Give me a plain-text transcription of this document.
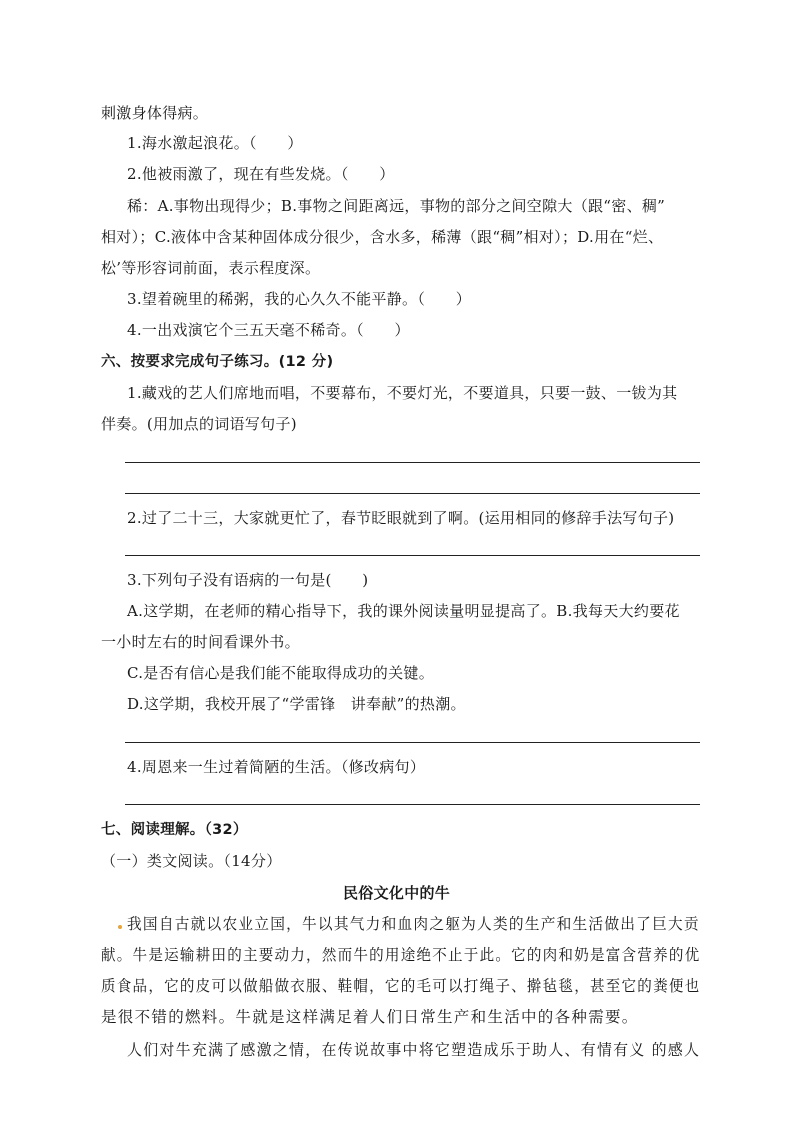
刺激身体得病。
1.海水激起浪花。（　　）
2.他被雨激了，现在有些发烧。（　　）
稀：A.事物出现得少；B.事物之间距离远，事物的部分之间空隙大（跟“密、稠”
相对）；C.液体中含某种固体成分很少，含水多，稀薄（跟“稠”相对）；D.用在“烂、
松’等形容词前面，表示程度深。
3.望着碗里的稀粥，我的心久久不能平静。（　　）
4.一出戏演它个三五天毫不稀奇。（　　）
六、按要求完成句子练习。(12 分)
1.藏戏的艺人们席地而唱，不要幕布，不要灯光，不要道具，只要一鼓、一钹为其
伴奏。(用加点的词语写句子)
2.过了二十三，大家就更忙了，春节眨眼就到了啊。(运用相同的修辞手法写句子)
3.下列句子没有语病的一句是(　　)
A.这学期，在老师的精心指导下，我的课外阅读量明显提高了。B.我每天大约要花
一小时左右的时间看课外书。
C.是否有信心是我们能不能取得成功的关键。
D.这学期，我校开展了“学雷锋　讲奉献”的热潮。
4.周恩来一生过着简陋的生活。（修改病句）
七、阅读理解。（32）
（一）类文阅读。（14分）
民俗文化中的牛
我国自古就以农业立国，牛以其气力和血肉之躯为人类的生产和生活做出了巨大贡
献。牛是运输耕田的主要动力，然而牛的用途绝不止于此。它的肉和奶是富含营养的优
质食品，它的皮可以做船做衣服、鞋帽，它的毛可以打绳子、擀毡毯，甚至它的粪便也
是很不错的燃料。牛就是这样满足着人们日常生产和生活中的各种需要。
人们对牛充满了感激之情，在传说故事中将它塑造成乐于助人、有情有义 的感人
